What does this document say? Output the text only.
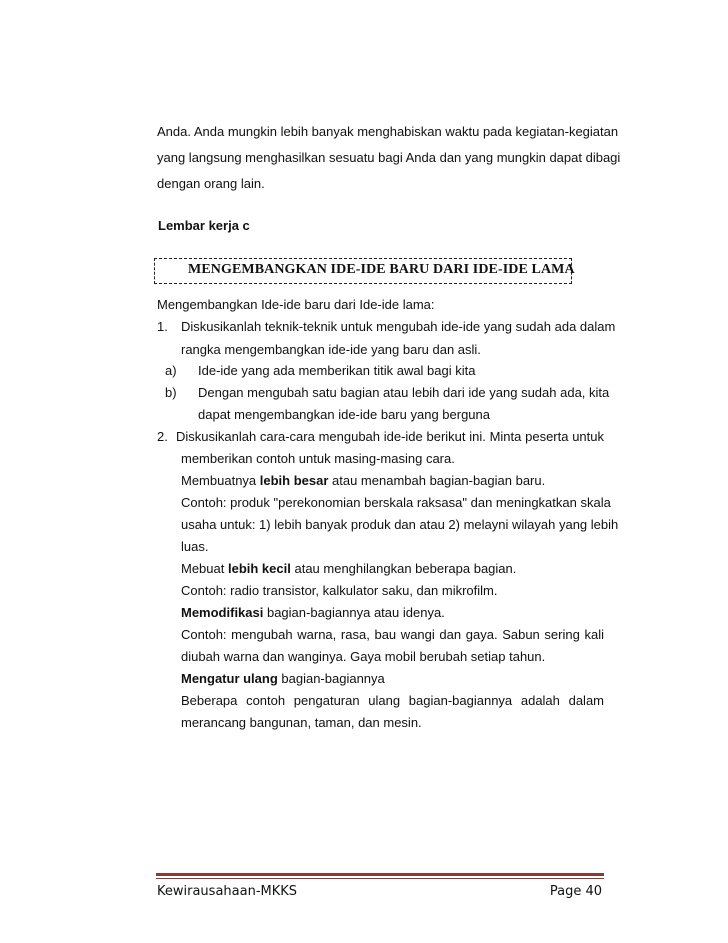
Anda. Anda mungkin lebih banyak menghabiskan waktu pada kegiatan-kegiatan
yang langsung menghasilkan sesuatu bagi Anda dan yang mungkin dapat dibagi
dengan orang lain.
Lembar kerja c
MENGEMBANGKAN IDE-IDE BARU DARI IDE-IDE LAMA
Mengembangkan Ide-ide baru dari Ide-ide lama:
1. Diskusikanlah teknik-teknik untuk mengubah ide-ide yang sudah ada dalam
rangka mengembangkan ide-ide yang baru dan asli.
a) Ide-ide yang ada memberikan titik awal bagi kita
b) Dengan mengubah satu bagian atau lebih dari ide yang sudah ada, kita
dapat mengembangkan ide-ide baru yang berguna
2. Diskusikanlah cara-cara mengubah ide-ide berikut ini. Minta peserta untuk
memberikan contoh untuk masing-masing cara.
Membuatnya lebih besar atau menambah bagian-bagian baru.
Contoh: produk "perekonomian berskala raksasa" dan meningkatkan skala
usaha untuk: 1) lebih banyak produk dan atau 2) melayni wilayah yang lebih
luas.
Mebuat lebih kecil atau menghilangkan beberapa bagian.
Contoh: radio transistor, kalkulator saku, dan mikrofilm.
Memodifikasi bagian-bagiannya atau idenya.
Contoh: mengubah warna, rasa, bau wangi dan gaya. Sabun sering kali
diubah warna dan wanginya. Gaya mobil berubah setiap tahun.
Mengatur ulang bagian-bagiannya
Beberapa contoh pengaturan ulang bagian-bagiannya adalah dalam
merancang bangunan, taman, dan mesin.
Kewirausahaan-MKKS	Page 40
